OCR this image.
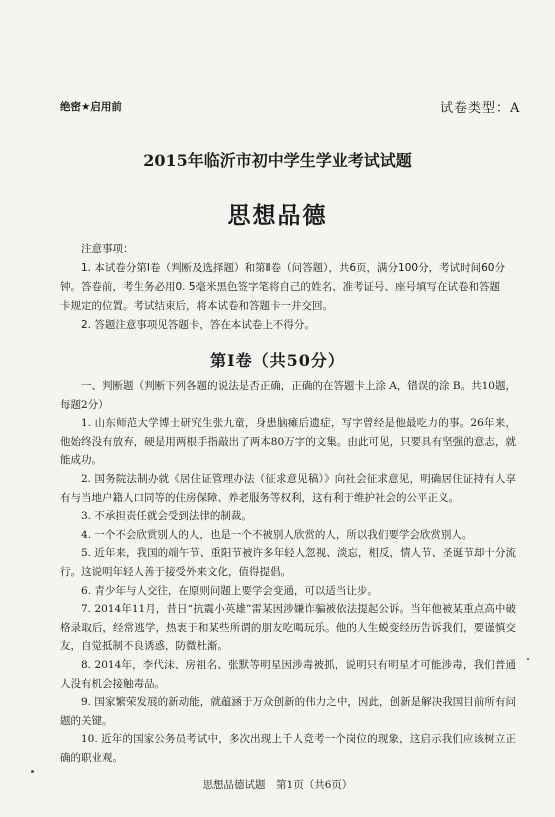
绝密★启用前	试卷类型：A
2015年临沂市初中学生学业考试试题
思想品德

注意事项：

1. 本试卷分第Ⅰ卷（判断及选择题）和第Ⅱ卷（问答题），共6页，满分100分，考试时间60分钟。答卷前，考生务必用0. 5毫米黑色签字笔将自己的姓名、准考证号、座号填写在试卷和答题卡规定的位置。考试结束后，将本试卷和答题卡一并交回。

2. 答题注意事项见答题卡，答在本试卷上不得分。

第Ⅰ卷（共50分）

一、判断题（判断下列各题的说法是否正确，正确的在答题卡上涂 A，错误的涂 B。共10题，每题2分）

1. 山东师范大学博士研究生张九童，身患脑瘫后遗症，写字曾经是他最吃力的事。26年来，他始终没有放弃，硬是用两根手指敲出了两本80万字的文集。由此可见，只要具有坚强的意志，就能成功。

2. 国务院法制办就《居住证管理办法（征求意见稿）》向社会征求意见，明确居住证持有人享有与当地户籍人口同等的住房保障、养老服务等权利，这有利于维护社会的公平正义。

3. 不承担责任就会受到法律的制裁。

4. 一个不会欣赏别人的人，也是一个不被别人欣赏的人，所以我们要学会欣赏别人。

5. 近年来，我国的端午节、重阳节被许多年轻人忽视、淡忘，相反，情人节、圣诞节却十分流行。这说明年轻人善于接受外来文化，值得提倡。

6. 青少年与人交往，在原则问题上要学会变通，可以适当让步。

7. 2014年11月，昔日“抗震小英雄”雷某因涉嫌诈骗被依法提起公诉。当年他被某重点高中破格录取后，经常逃学，热衷于和某些所谓的朋友吃喝玩乐。他的人生蜕变经历告诉我们，要谨慎交友，自觉抵制不良诱惑，防微杜渐。

8. 2014年，李代沫、房祖名、张默等明星因涉毒被抓，说明只有明星才可能涉毒，我们普通人没有机会接触毒品。

9. 国家繁荣发展的新动能，就蕴涵于万众创新的伟力之中，因此，创新是解决我国目前所有问题的关键。

10. 近年的国家公务员考试中，多次出现上千人竞考一个岗位的现象，这启示我们应该树立正确的职业观。

思想品德试题　第1页（共6页）
